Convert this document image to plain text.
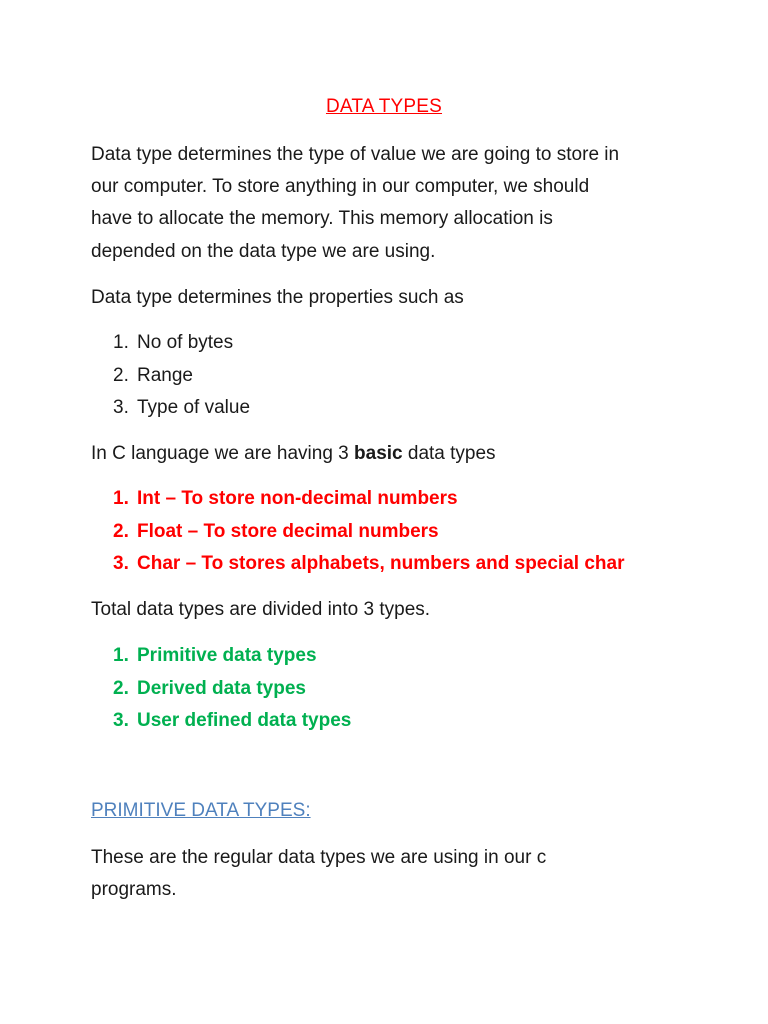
DATA TYPES

Data type determines the type of value we are going to store in

our computer. To store anything in our computer, we should

have to allocate the memory. This memory allocation is

depended on the data type we are using.

Data type determines the properties such as

1. No of bytes
2. Range
3. Type of value

In C language we are having 3 basic data types

1. Int – To store non-decimal numbers
2. Float – To store decimal numbers
3. Char – To stores alphabets, numbers and special char

Total data types are divided into 3 types.

1. Primitive data types
2. Derived data types
3. User defined data types
PRIMITIVE DATA TYPES:

These are the regular data types we are using in our c

programs.
